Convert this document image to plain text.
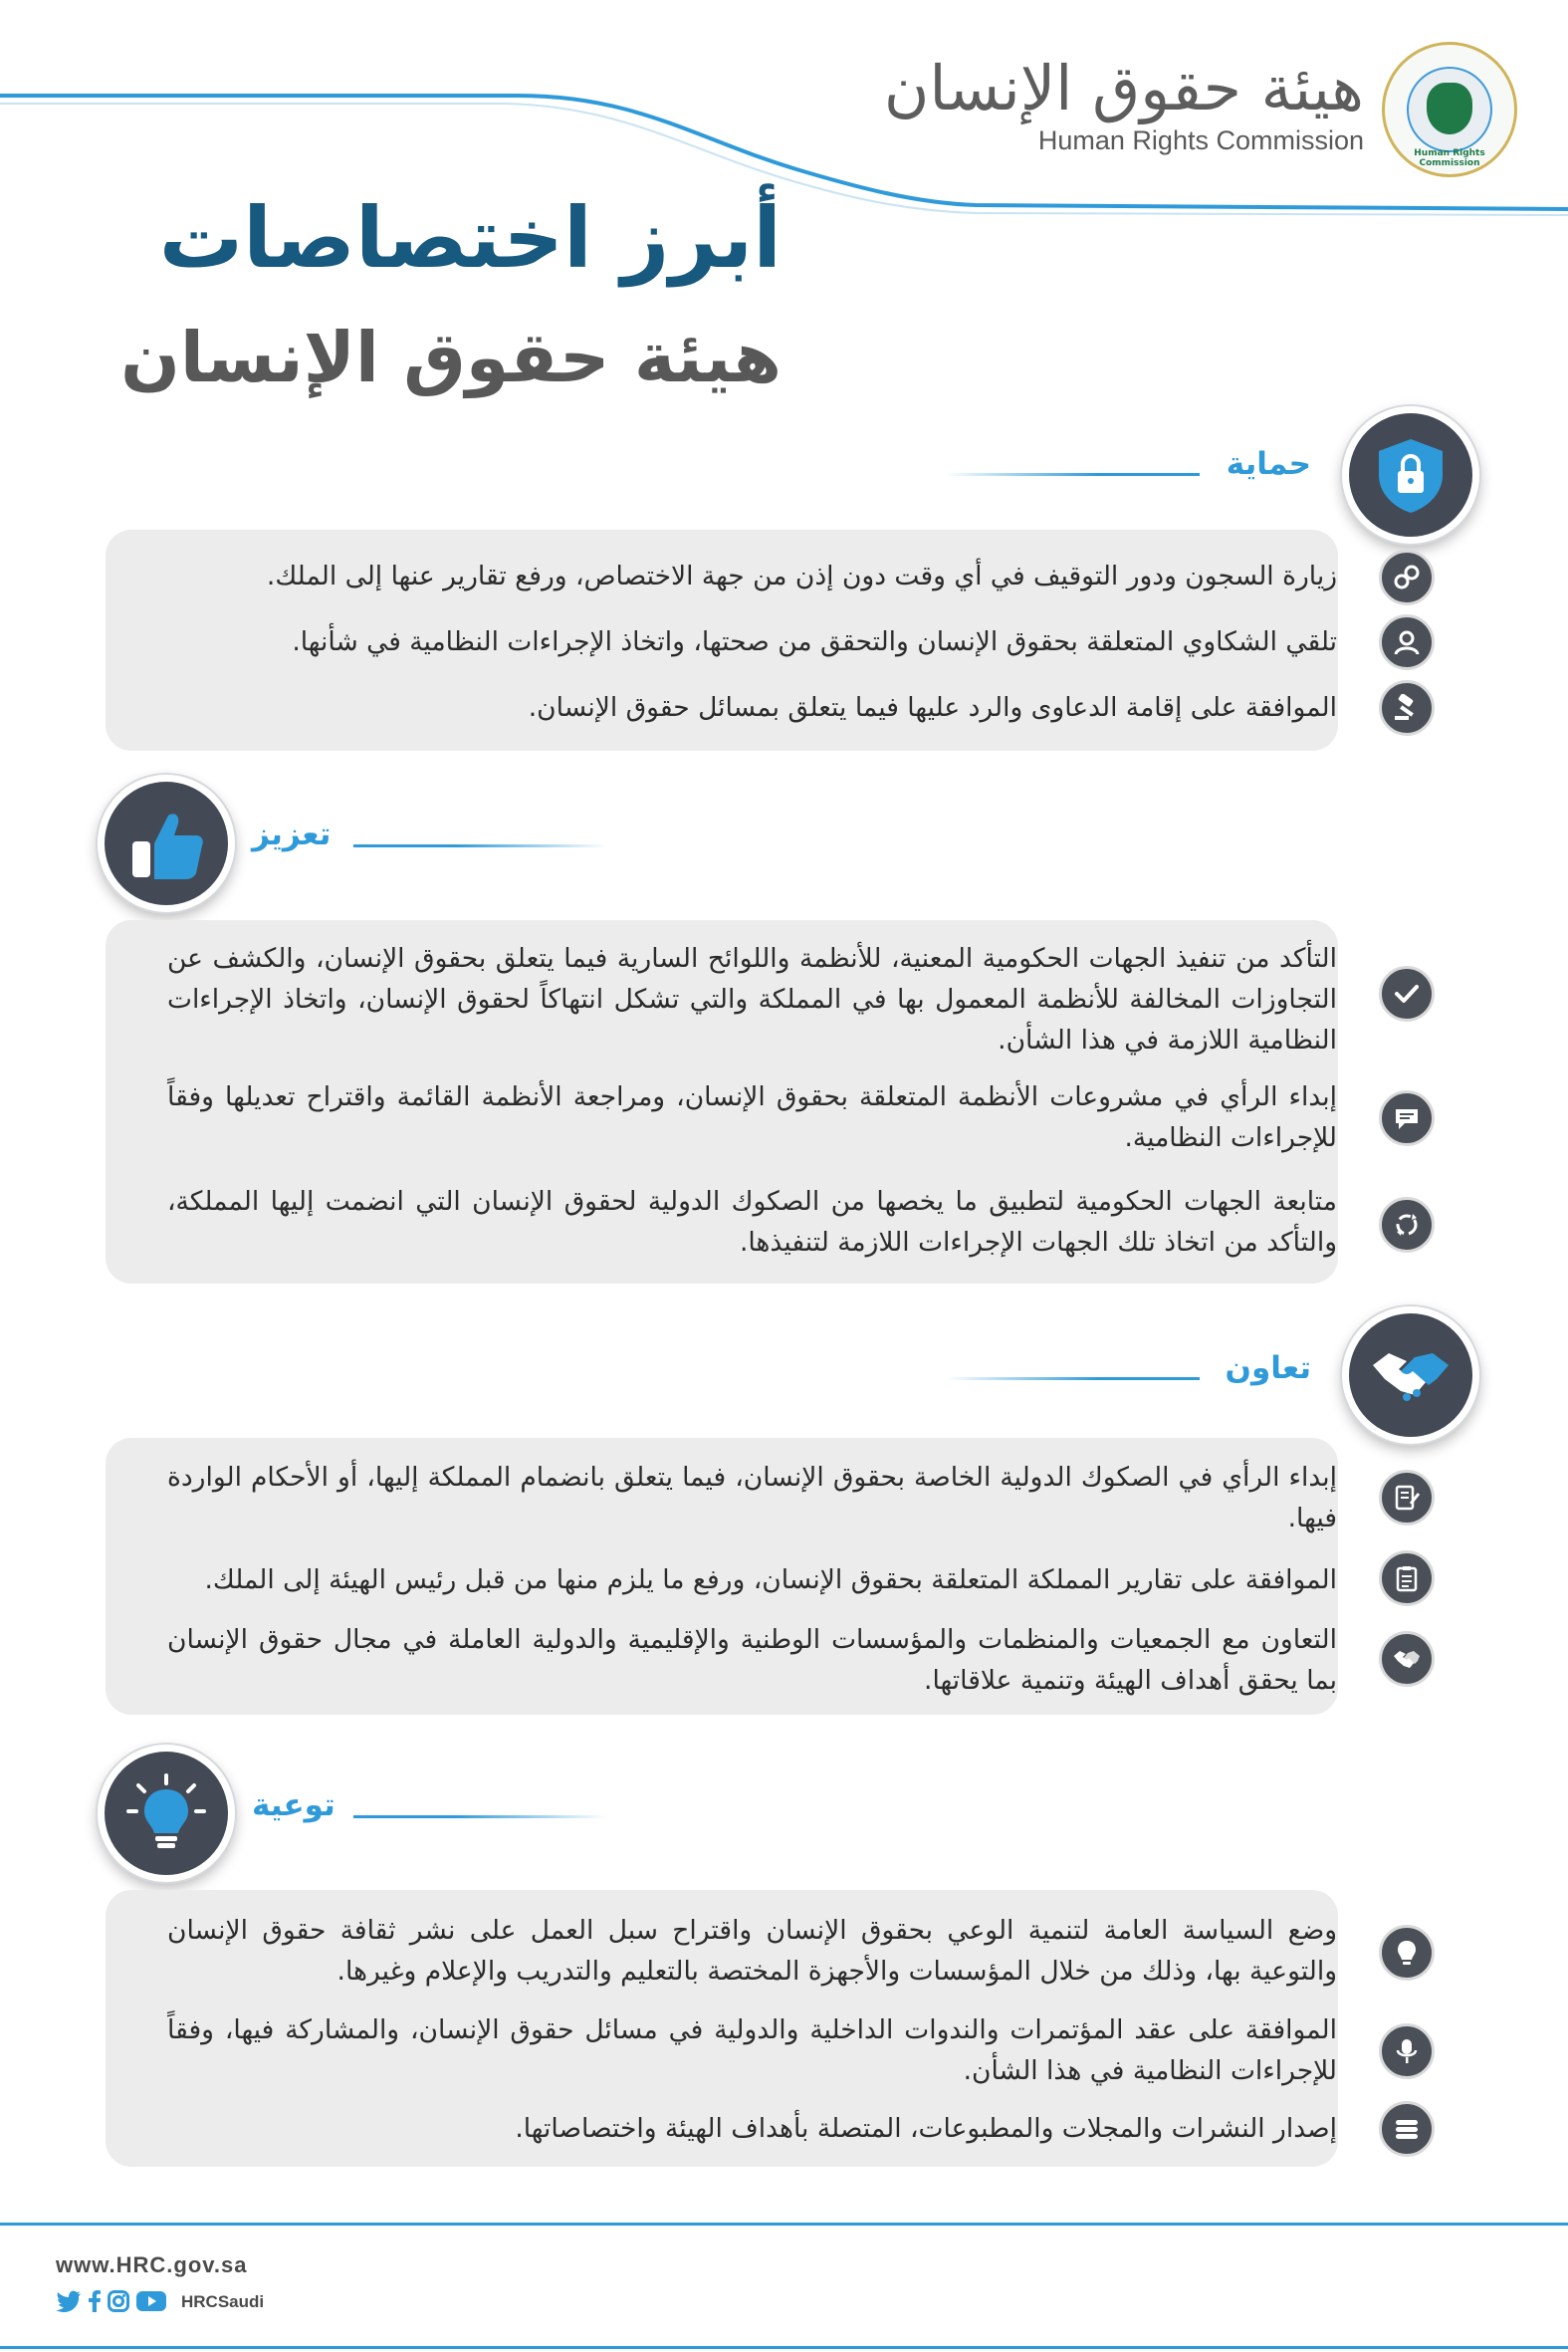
Human Rights Commission
هيئة حقوق الإنسان
Human Rights Commission
أبرز اختصاصات
هيئة حقوق الإنسان
حماية
زيارة السجون ودور التوقيف في أي وقت دون إذن من جهة الاختصاص، ورفع تقارير عنها إلى الملك.
تلقي الشكاوي المتعلقة بحقوق الإنسان والتحقق من صحتها، واتخاذ الإجراءات النظامية في شأنها.
الموافقة على إقامة الدعاوى والرد عليها فيما يتعلق بمسائل حقوق الإنسان.
تعزيز
التأكد من تنفيذ الجهات الحكومية المعنية، للأنظمة واللوائح السارية فيما يتعلق بحقوق الإنسان، والكشف عن التجاوزات المخالفة للأنظمة المعمول بها في المملكة والتي تشكل انتهاكاً لحقوق الإنسان، واتخاذ الإجراءات النظامية اللازمة في هذا الشأن.
إبداء الرأي في مشروعات الأنظمة المتعلقة بحقوق الإنسان، ومراجعة الأنظمة القائمة واقتراح تعديلها وفقاً للإجراءات النظامية.
متابعة الجهات الحكومية لتطبيق ما يخصها من الصكوك الدولية لحقوق الإنسان التي انضمت إليها المملكة، والتأكد من اتخاذ تلك الجهات الإجراءات اللازمة لتنفيذها.
تعاون
إبداء الرأي في الصكوك الدولية الخاصة بحقوق الإنسان، فيما يتعلق بانضمام المملكة إليها، أو الأحكام الواردة فيها.
الموافقة على تقارير المملكة المتعلقة بحقوق الإنسان، ورفع ما يلزم منها من قبل رئيس الهيئة إلى الملك.
التعاون مع الجمعيات والمنظمات والمؤسسات الوطنية والإقليمية والدولية العاملة في مجال حقوق الإنسان بما يحقق أهداف الهيئة وتنمية علاقاتها.
توعية
وضع السياسة العامة لتنمية الوعي بحقوق الإنسان واقتراح سبل العمل على نشر ثقافة حقوق الإنسان والتوعية بها، وذلك من خلال المؤسسات والأجهزة المختصة بالتعليم والتدريب والإعلام وغيرها.
الموافقة على عقد المؤتمرات والندوات الداخلية والدولية في مسائل حقوق الإنسان، والمشاركة فيها، وفقاً للإجراءات النظامية في هذا الشأن.
إصدار النشرات والمجلات والمطبوعات، المتصلة بأهداف الهيئة واختصاصاتها.
www.HRC.gov.sa
HRCSaudi
